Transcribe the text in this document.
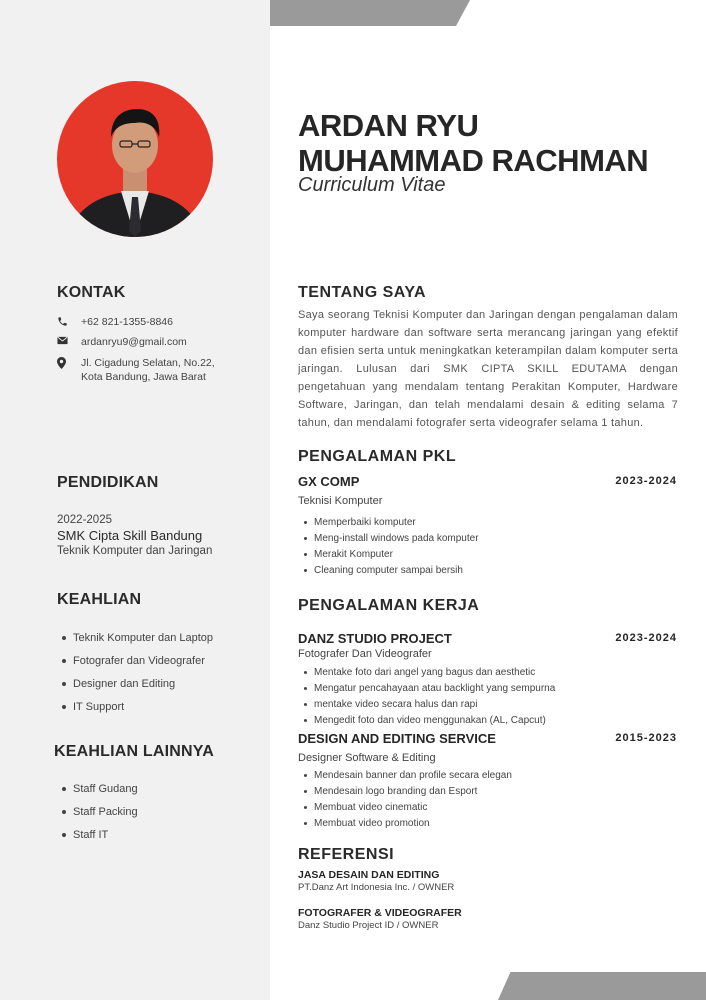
ARDAN RYU
MUHAMMAD RACHMAN
Curriculum Vitae
KONTAK
+62 821-1355-8846
ardanryu9@gmail.com
Jl. Cigadung Selatan, No.22,
Kota Bandung, Jawa Barat
PENDIDIKAN
2022-2025
SMK Cipta Skill Bandung
Teknik Komputer dan Jaringan
KEAHLIAN
Teknik Komputer dan Laptop
Fotografer dan Videografer
Designer dan Editing
IT Support
KEAHLIAN LAINNYA
Staff Gudang
Staff Packing
Staff IT
TENTANG SAYA
Saya seorang Teknisi Komputer dan Jaringan dengan pengalaman dalam komputer hardware dan software serta merancang jaringan yang efektif dan efisien serta untuk meningkatkan keterampilan dalam komputer serta jaringan. Lulusan dari SMK CIPTA SKILL EDUTAMA dengan pengetahuan yang mendalam tentang Perakitan Komputer, Hardware Software, Jaringan, dan telah mendalami desain & editing selama 7 tahun, dan mendalami fotografer serta videografer selama 1 tahun.
PENGALAMAN PKL
GX COMP	2023-2024
Teknisi Komputer
Memperbaiki komputer
Meng-install windows pada komputer
Merakit Komputer
Cleaning computer sampai bersih
PENGALAMAN KERJA
DANZ STUDIO PROJECT	2023-2024
Fotografer Dan Videografer
Mentake foto dari angel yang bagus dan aesthetic
Mengatur pencahayaan atau backlight yang sempurna
mentake video secara halus dan rapi
Mengedit foto dan video menggunakan (AL, Capcut)
DESIGN AND EDITING SERVICE	2015-2023
Designer Software & Editing
Mendesain banner dan profile secara elegan
Mendesain logo branding dan Esport
Membuat video cinematic
Membuat video promotion
REFERENSI
JASA DESAIN DAN EDITING
PT.Danz Art Indonesia Inc. / OWNER
FOTOGRAFER & VIDEOGRAFER
Danz Studio Project ID / OWNER
